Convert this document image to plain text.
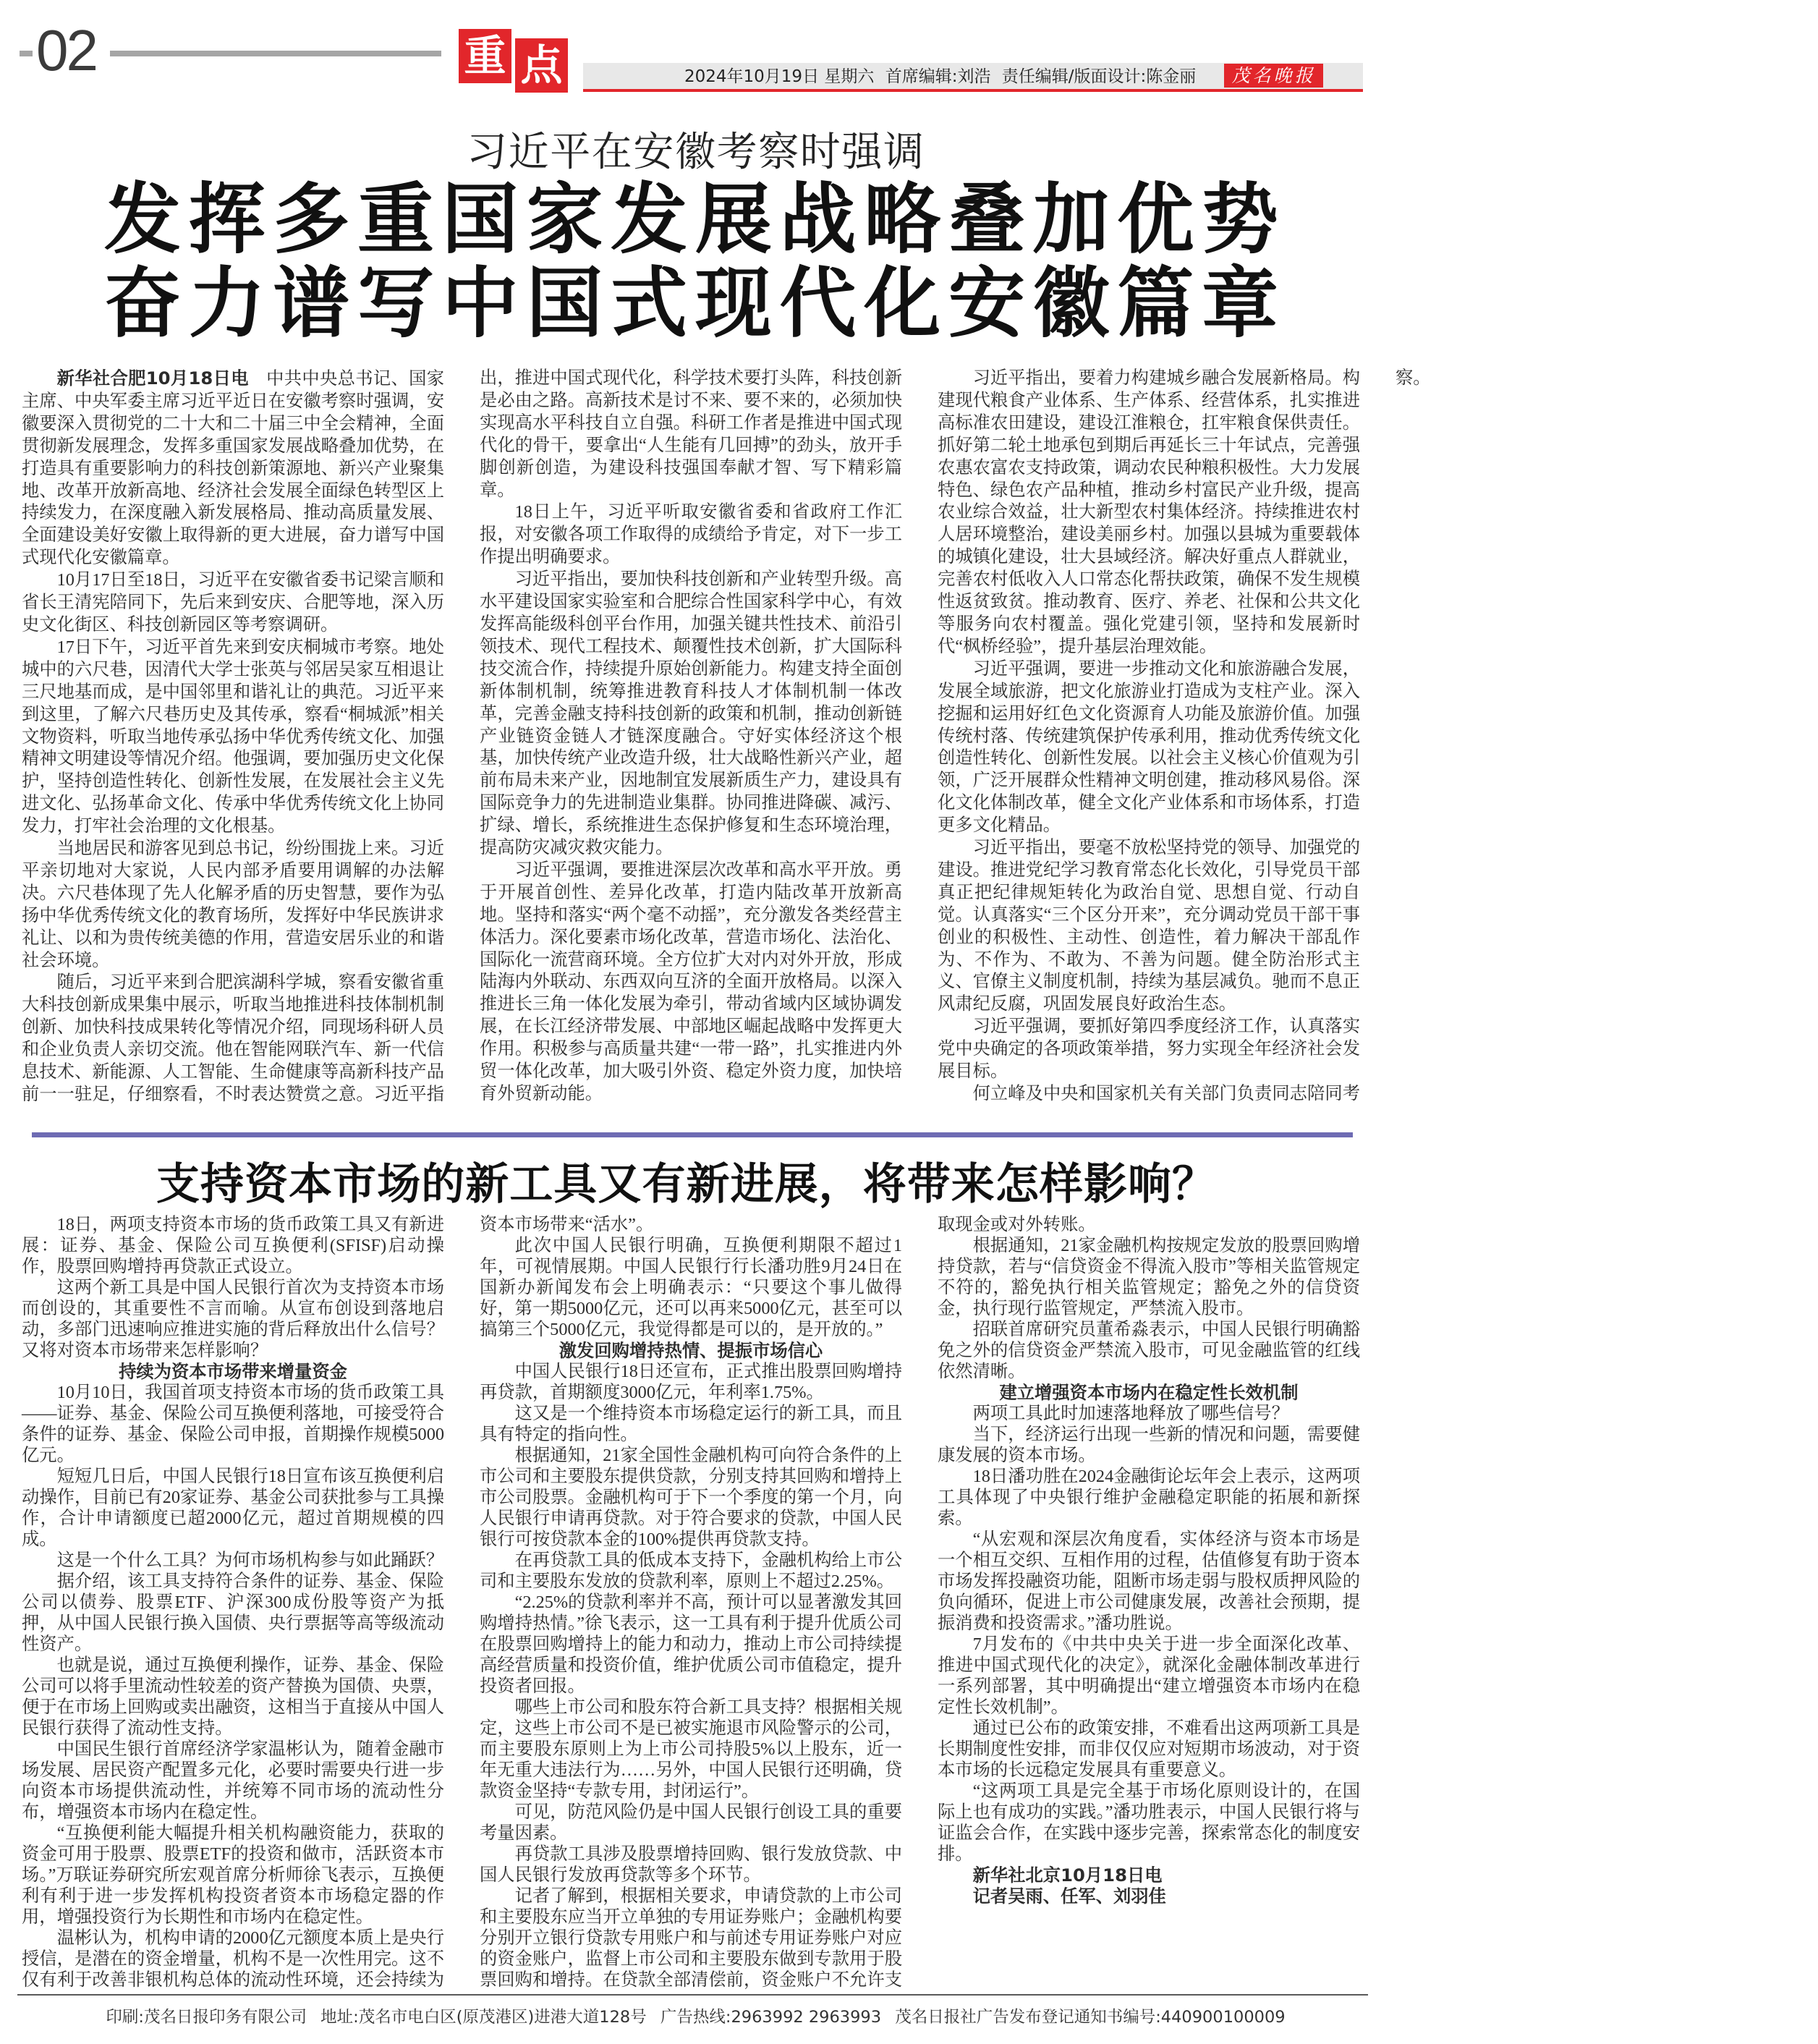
02	重 点	2024年10月19日 星期六 首席编辑:刘浩 责任编辑/版面设计:陈金丽	茂名晚报
习近平在安徽考察时强调
发挥多重国家发展战略叠加优势
奋力谱写中国式现代化安徽篇章

新华社合肥10月18日电 中共中央总书记、国家主席、中央军委主席习近平近日在安徽考察时强调，安徽要深入贯彻党的二十大和二十届三中全会精神，全面贯彻新发展理念，发挥多重国家发展战略叠加优势，在打造具有重要影响力的科技创新策源地、新兴产业聚集地、改革开放新高地、经济社会发展全面绿色转型区上持续发力，在深度融入新发展格局、推动高质量发展、全面建设美好安徽上取得新的更大进展，奋力谱写中国式现代化安徽篇章。

10月17日至18日，习近平在安徽省委书记梁言顺和省长王清宪陪同下，先后来到安庆、合肥等地，深入历史文化街区、科技创新园区等考察调研。

17日下午，习近平首先来到安庆桐城市考察。地处城中的六尺巷，因清代大学士张英与邻居吴家互相退让三尺地基而成，是中国邻里和谐礼让的典范。习近平来到这里，了解六尺巷历史及其传承，察看“桐城派”相关文物资料，听取当地传承弘扬中华优秀传统文化、加强精神文明建设等情况介绍。他强调，要加强历史文化保护，坚持创造性转化、创新性发展，在发展社会主义先进文化、弘扬革命文化、传承中华优秀传统文化上协同发力，打牢社会治理的文化根基。

当地居民和游客见到总书记，纷纷围拢上来。习近平亲切地对大家说，人民内部矛盾要用调解的办法解决。六尺巷体现了先人化解矛盾的历史智慧，要作为弘扬中华优秀传统文化的教育场所，发挥好中华民族讲求礼让、以和为贵传统美德的作用，营造安居乐业的和谐社会环境。

随后，习近平来到合肥滨湖科学城，察看安徽省重大科技创新成果集中展示，听取当地推进科技体制机制创新、加快科技成果转化等情况介绍，同现场科研人员和企业负责人亲切交流。他在智能网联汽车、新一代信息技术、新能源、人工智能、生命健康等高新科技产品前一一驻足，仔细察看，不时表达赞赏之意。习近平指出，推进中国式现代化，科学技术要打头阵，科技创新是必由之路。高新技术是讨不来、要不来的，必须加快实现高水平科技自立自强。科研工作者是推进中国式现代化的骨干，要拿出“人生能有几回搏”的劲头，放开手脚创新创造，为建设科技强国奉献才智、写下精彩篇章。

18日上午，习近平听取安徽省委和省政府工作汇报，对安徽各项工作取得的成绩给予肯定，对下一步工作提出明确要求。

习近平指出，要加快科技创新和产业转型升级。高水平建设国家实验室和合肥综合性国家科学中心，有效发挥高能级科创平台作用，加强关键共性技术、前沿引领技术、现代工程技术、颠覆性技术创新，扩大国际科技交流合作，持续提升原始创新能力。构建支持全面创新体制机制，统筹推进教育科技人才体制机制一体改革，完善金融支持科技创新的政策和机制，推动创新链产业链资金链人才链深度融合。守好实体经济这个根基，加快传统产业改造升级，壮大战略性新兴产业，超前布局未来产业，因地制宜发展新质生产力，建设具有国际竞争力的先进制造业集群。协同推进降碳、减污、扩绿、增长，系统推进生态保护修复和生态环境治理，提高防灾减灾救灾能力。

习近平强调，要推进深层次改革和高水平开放。勇于开展首创性、差异化改革，打造内陆改革开放新高地。坚持和落实“两个毫不动摇”，充分激发各类经营主体活力。深化要素市场化改革，营造市场化、法治化、国际化一流营商环境。全方位扩大对内对外开放，形成陆海内外联动、东西双向互济的全面开放格局。以深入推进长三角一体化发展为牵引，带动省域内区域协调发展，在长江经济带发展、中部地区崛起战略中发挥更大作用。积极参与高质量共建“一带一路”，扎实推进内外贸一体化改革，加大吸引外资、稳定外资力度，加快培育外贸新动能。

习近平指出，要着力构建城乡融合发展新格局。构建现代粮食产业体系、生产体系、经营体系，扎实推进高标准农田建设，建设江淮粮仓，扛牢粮食保供责任。抓好第二轮土地承包到期后再延长三十年试点，完善强农惠农富农支持政策，调动农民种粮积极性。大力发展特色、绿色农产品种植，推动乡村富民产业升级，提高农业综合效益，壮大新型农村集体经济。持续推进农村人居环境整治，建设美丽乡村。加强以县城为重要载体的城镇化建设，壮大县域经济。解决好重点人群就业，完善农村低收入人口常态化帮扶政策，确保不发生规模性返贫致贫。推动教育、医疗、养老、社保和公共文化等服务向农村覆盖。强化党建引领，坚持和发展新时代“枫桥经验”，提升基层治理效能。

习近平强调，要进一步推动文化和旅游融合发展，发展全域旅游，把文化旅游业打造成为支柱产业。深入挖掘和运用好红色文化资源育人功能及旅游价值。加强传统村落、传统建筑保护传承利用，推动优秀传统文化创造性转化、创新性发展。以社会主义核心价值观为引领，广泛开展群众性精神文明创建，推动移风易俗。深化文化体制改革，健全文化产业体系和市场体系，打造更多文化精品。

习近平指出，要毫不放松坚持党的领导、加强党的建设。推进党纪学习教育常态化长效化，引导党员干部真正把纪律规矩转化为政治自觉、思想自觉、行动自觉。认真落实“三个区分开来”，充分调动党员干部干事创业的积极性、主动性、创造性，着力解决干部乱作为、不作为、不敢为、不善为问题。健全防治形式主义、官僚主义制度机制，持续为基层减负。驰而不息正风肃纪反腐，巩固发展良好政治生态。

习近平强调，要抓好第四季度经济工作，认真落实党中央确定的各项政策举措，努力实现全年经济社会发展目标。

何立峰及中央和国家机关有关部门负责同志陪同考察。

支持资本市场的新工具又有新进展，将带来怎样影响？

18日，两项支持资本市场的货币政策工具又有新进展：证券、基金、保险公司互换便利(SFISF)启动操作，股票回购增持再贷款正式设立。

这两个新工具是中国人民银行首次为支持资本市场而创设的，其重要性不言而喻。从宣布创设到落地启动，多部门迅速响应推进实施的背后释放出什么信号？又将对资本市场带来怎样影响？

持续为资本市场带来增量资金

10月10日，我国首项支持资本市场的货币政策工具——证券、基金、保险公司互换便利落地，可接受符合条件的证券、基金、保险公司申报，首期操作规模5000亿元。

短短几日后，中国人民银行18日宣布该互换便利启动操作，目前已有20家证券、基金公司获批参与工具操作，合计申请额度已超2000亿元，超过首期规模的四成。

这是一个什么工具？为何市场机构参与如此踊跃？

据介绍，该工具支持符合条件的证券、基金、保险公司以债券、股票ETF、沪深300成份股等资产为抵押，从中国人民银行换入国债、央行票据等高等级流动性资产。

也就是说，通过互换便利操作，证券、基金、保险公司可以将手里流动性较差的资产替换为国债、央票，便于在市场上回购或卖出融资，这相当于直接从中国人民银行获得了流动性支持。

中国民生银行首席经济学家温彬认为，随着金融市场发展、居民资产配置多元化，必要时需要央行进一步向资本市场提供流动性，并统筹不同市场的流动性分布，增强资本市场内在稳定性。

“互换便利能大幅提升相关机构融资能力，获取的资金可用于股票、股票ETF的投资和做市，活跃资本市场。”万联证券研究所宏观首席分析师徐飞表示，互换便利有利于进一步发挥机构投资者资本市场稳定器的作用，增强投资行为长期性和市场内在稳定性。

温彬认为，机构申请的2000亿元额度本质上是央行授信，是潜在的资金增量，机构不是一次性用完。这不仅有利于改善非银机构总体的流动性环境，还会持续为资本市场带来“活水”。

此次中国人民银行明确，互换便利期限不超过1年，可视情展期。中国人民银行行长潘功胜9月24日在国新办新闻发布会上明确表示：“只要这个事儿做得好，第一期5000亿元，还可以再来5000亿元，甚至可以搞第三个5000亿元，我觉得都是可以的，是开放的。”

激发回购增持热情、提振市场信心

中国人民银行18日还宣布，正式推出股票回购增持再贷款，首期额度3000亿元，年利率1.75%。

这又是一个维持资本市场稳定运行的新工具，而且具有特定的指向性。

根据通知，21家全国性金融机构可向符合条件的上市公司和主要股东提供贷款，分别支持其回购和增持上市公司股票。金融机构可于下一个季度的第一个月，向人民银行申请再贷款。对于符合要求的贷款，中国人民银行可按贷款本金的100%提供再贷款支持。

在再贷款工具的低成本支持下，金融机构给上市公司和主要股东发放的贷款利率，原则上不超过2.25%。

“2.25%的贷款利率并不高，预计可以显著激发其回购增持热情。”徐飞表示，这一工具有利于提升优质公司在股票回购增持上的能力和动力，推动上市公司持续提高经营质量和投资价值，维护优质公司市值稳定，提升投资者回报。

哪些上市公司和股东符合新工具支持？根据相关规定，这些上市公司不是已被实施退市风险警示的公司，而主要股东原则上为上市公司持股5%以上股东，近一年无重大违法行为……另外，中国人民银行还明确，贷款资金坚持“专款专用，封闭运行”。

可见，防范风险仍是中国人民银行创设工具的重要考量因素。

再贷款工具涉及股票增持回购、银行发放贷款、中国人民银行发放再贷款等多个环节。

记者了解到，根据相关要求，申请贷款的上市公司和主要股东应当开立单独的专用证券账户；金融机构要分别开立银行贷款专用账户和与前述专用证券账户对应的资金账户，监督上市公司和主要股东做到专款用于股票回购和增持。在贷款全部清偿前，资金账户不允许支取现金或对外转账。

根据通知，21家金融机构按规定发放的股票回购增持贷款，若与“信贷资金不得流入股市”等相关监管规定不符的，豁免执行相关监管规定；豁免之外的信贷资金，执行现行监管规定，严禁流入股市。

招联首席研究员董希淼表示，中国人民银行明确豁免之外的信贷资金严禁流入股市，可见金融监管的红线依然清晰。

建立增强资本市场内在稳定性长效机制

两项工具此时加速落地释放了哪些信号？

当下，经济运行出现一些新的情况和问题，需要健康发展的资本市场。

18日潘功胜在2024金融街论坛年会上表示，这两项工具体现了中央银行维护金融稳定职能的拓展和新探索。

“从宏观和深层次角度看，实体经济与资本市场是一个相互交织、互相作用的过程，估值修复有助于资本市场发挥投融资功能，阻断市场走弱与股权质押风险的负向循环，促进上市公司健康发展，改善社会预期，提振消费和投资需求。”潘功胜说。

7月发布的《中共中央关于进一步全面深化改革、推进中国式现代化的决定》，就深化金融体制改革进行一系列部署，其中明确提出“建立增强资本市场内在稳定性长效机制”。

通过已公布的政策安排，不难看出这两项新工具是长期制度性安排，而非仅仅应对短期市场波动，对于资本市场的长远稳定发展具有重要意义。

“这两项工具是完全基于市场化原则设计的，在国际上也有成功的实践。”潘功胜表示，中国人民银行将与证监会合作，在实践中逐步完善，探索常态化的制度安排。

新华社北京10月18日电

记者吴雨、任军、刘羽佳

印刷:茂名日报印务有限公司 地址:茂名市电白区(原茂港区)进港大道128号 广告热线:2963992 2963993 茂名日报社广告发布登记通知书编号:440900100009
